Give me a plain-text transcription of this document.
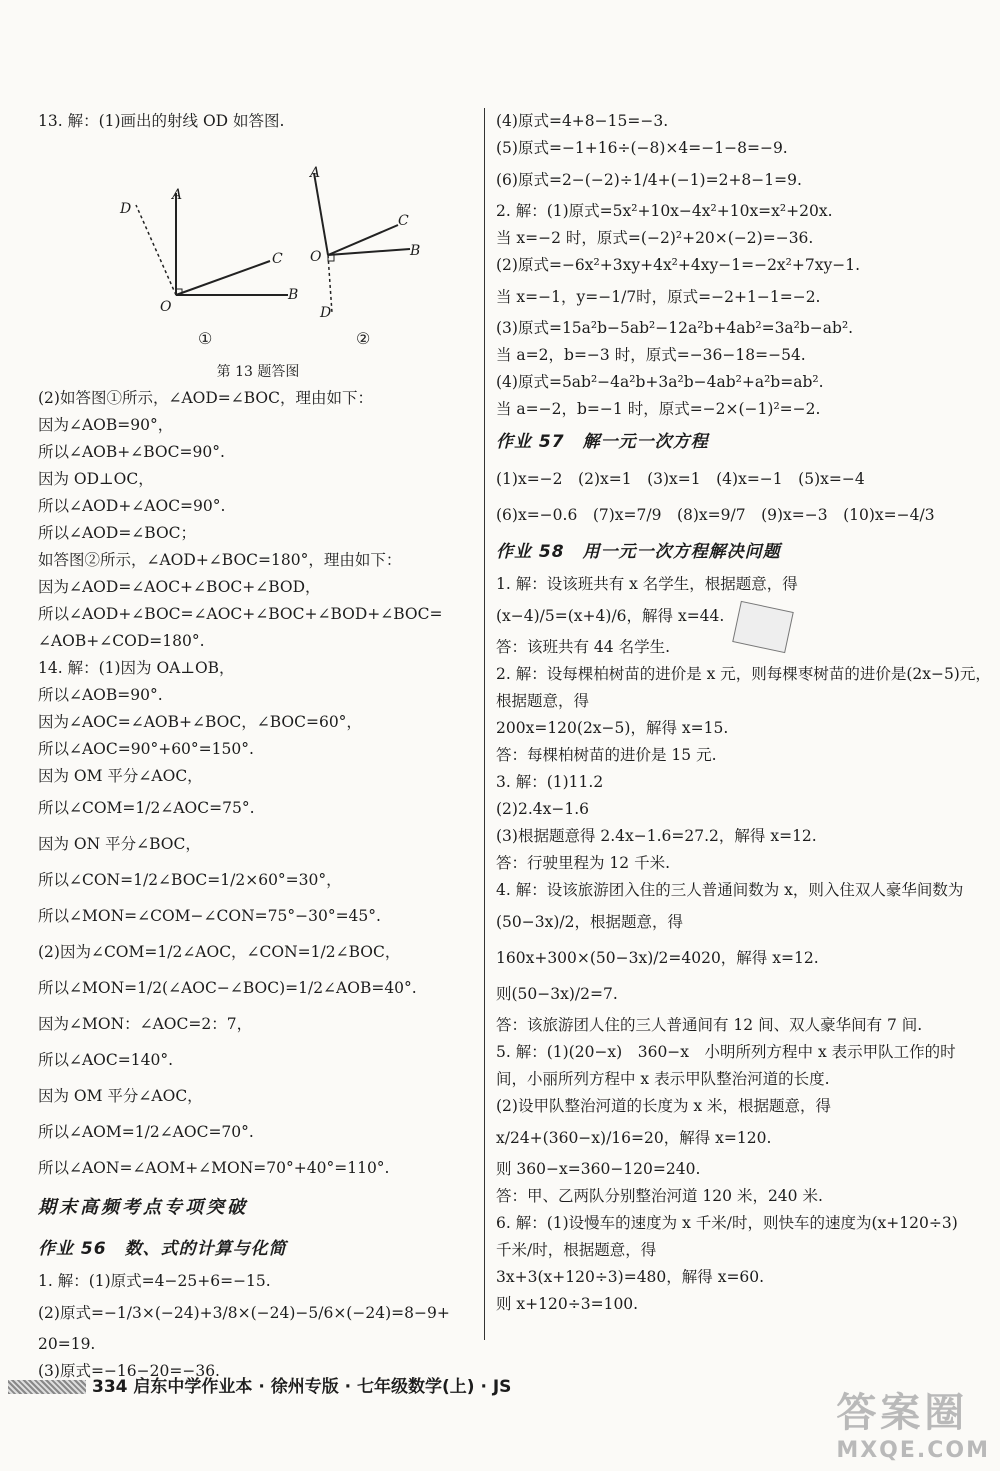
13. 解：(1)画出的射线 OD 如答图.
A
C
B
D
O
①
A
C
B
D
O
②
第 13 题答图
(2)如答图①所示，∠AOD=∠BOC，理由如下：
因为∠AOB=90°，
所以∠AOB+∠BOC=90°.
因为 OD⊥OC，
所以∠AOD+∠AOC=90°.
所以∠AOD=∠BOC；
如答图②所示，∠AOD+∠BOC=180°，理由如下：
因为∠AOD=∠AOC+∠BOC+∠BOD，
所以∠AOD+∠BOC=∠AOC+∠BOC+∠BOD+∠BOC=
∠AOB+∠COD=180°.
14. 解：(1)因为 OA⊥OB，
所以∠AOB=90°.
因为∠AOC=∠AOB+∠BOC，∠BOC=60°，
所以∠AOC=90°+60°=150°.
因为 OM 平分∠AOC，
所以∠COM=1/2∠AOC=75°.
因为 ON 平分∠BOC，
所以∠CON=1/2∠BOC=1/2×60°=30°，
所以∠MON=∠COM−∠CON=75°−30°=45°.
(2)因为∠COM=1/2∠AOC，∠CON=1/2∠BOC，
所以∠MON=1/2(∠AOC−∠BOC)=1/2∠AOB=40°.
因为∠MON：∠AOC=2：7，
所以∠AOC=140°.
因为 OM 平分∠AOC，
所以∠AOM=1/2∠AOC=70°.
所以∠AON=∠AOM+∠MON=70°+40°=110°.
期末高频考点专项突破
作业 56　数、式的计算与化简
1. 解：(1)原式=4−25+6=−15.
(2)原式=−1/3×(−24)+3/8×(−24)−5/6×(−24)=8−9+
20=19.
(3)原式=−16−20=−36.
(4)原式=4+8−15=−3.
(5)原式=−1+16÷(−8)×4=−1−8=−9.
(6)原式=2−(−2)÷1/4+(−1)=2+8−1=9.
2. 解：(1)原式=5x²+10x−4x²+10x=x²+20x.
当 x=−2 时，原式=(−2)²+20×(−2)=−36.
(2)原式=−6x²+3xy+4x²+4xy−1=−2x²+7xy−1.
当 x=−1，y=−1/7时，原式=−2+1−1=−2.
(3)原式=15a²b−5ab²−12a²b+4ab²=3a²b−ab².
当 a=2，b=−3 时，原式=−36−18=−54.
(4)原式=5ab²−4a²b+3a²b−4ab²+a²b=ab².
当 a=−2，b=−1 时，原式=−2×(−1)²=−2.
作业 57　解一元一次方程
(1)x=−2　(2)x=1　(3)x=1　(4)x=−1　(5)x=−4
(6)x=−0.6　(7)x=7/9　(8)x=9/7　(9)x=−3　(10)x=−4/3
作业 58　用一元一次方程解决问题
1. 解：设该班共有 x 名学生，根据题意，得
(x−4)/5=(x+4)/6，解得 x=44.
答：该班共有 44 名学生.
2. 解：设每棵柏树苗的进价是 x 元，则每棵枣树苗的进价是(2x−5)元，
根据题意，得
200x=120(2x−5)，解得 x=15.
答：每棵柏树苗的进价是 15 元.
3. 解：(1)11.2
(2)2.4x−1.6
(3)根据题意得 2.4x−1.6=27.2，解得 x=12.
答：行驶里程为 12 千米.
4. 解：设该旅游团入住的三人普通间数为 x，则入住双人豪华间数为
(50−3x)/2，根据题意，得
160x+300×(50−3x)/2=4020，解得 x=12.
则(50−3x)/2=7.
答：该旅游团人住的三人普通间有 12 间、双人豪华间有 7 间.
5. 解：(1)(20−x)　360−x　小明所列方程中 x 表示甲队工作的时
间，小丽所列方程中 x 表示甲队整治河道的长度.
(2)设甲队整治河道的长度为 x 米，根据题意，得
x/24+(360−x)/16=20，解得 x=120.
则 360−x=360−120=240.
答：甲、乙两队分别整治河道 120 米，240 米.
6. 解：(1)设慢车的速度为 x 千米/时，则快车的速度为(x+120÷3)
千米/时，根据题意，得
3x+3(x+120÷3)=480，解得 x=60.
则 x+120÷3=100.
334 启东中学作业本 · 徐州专版 · 七年级数学(上) · JS
答案圈
MXQE.COM
